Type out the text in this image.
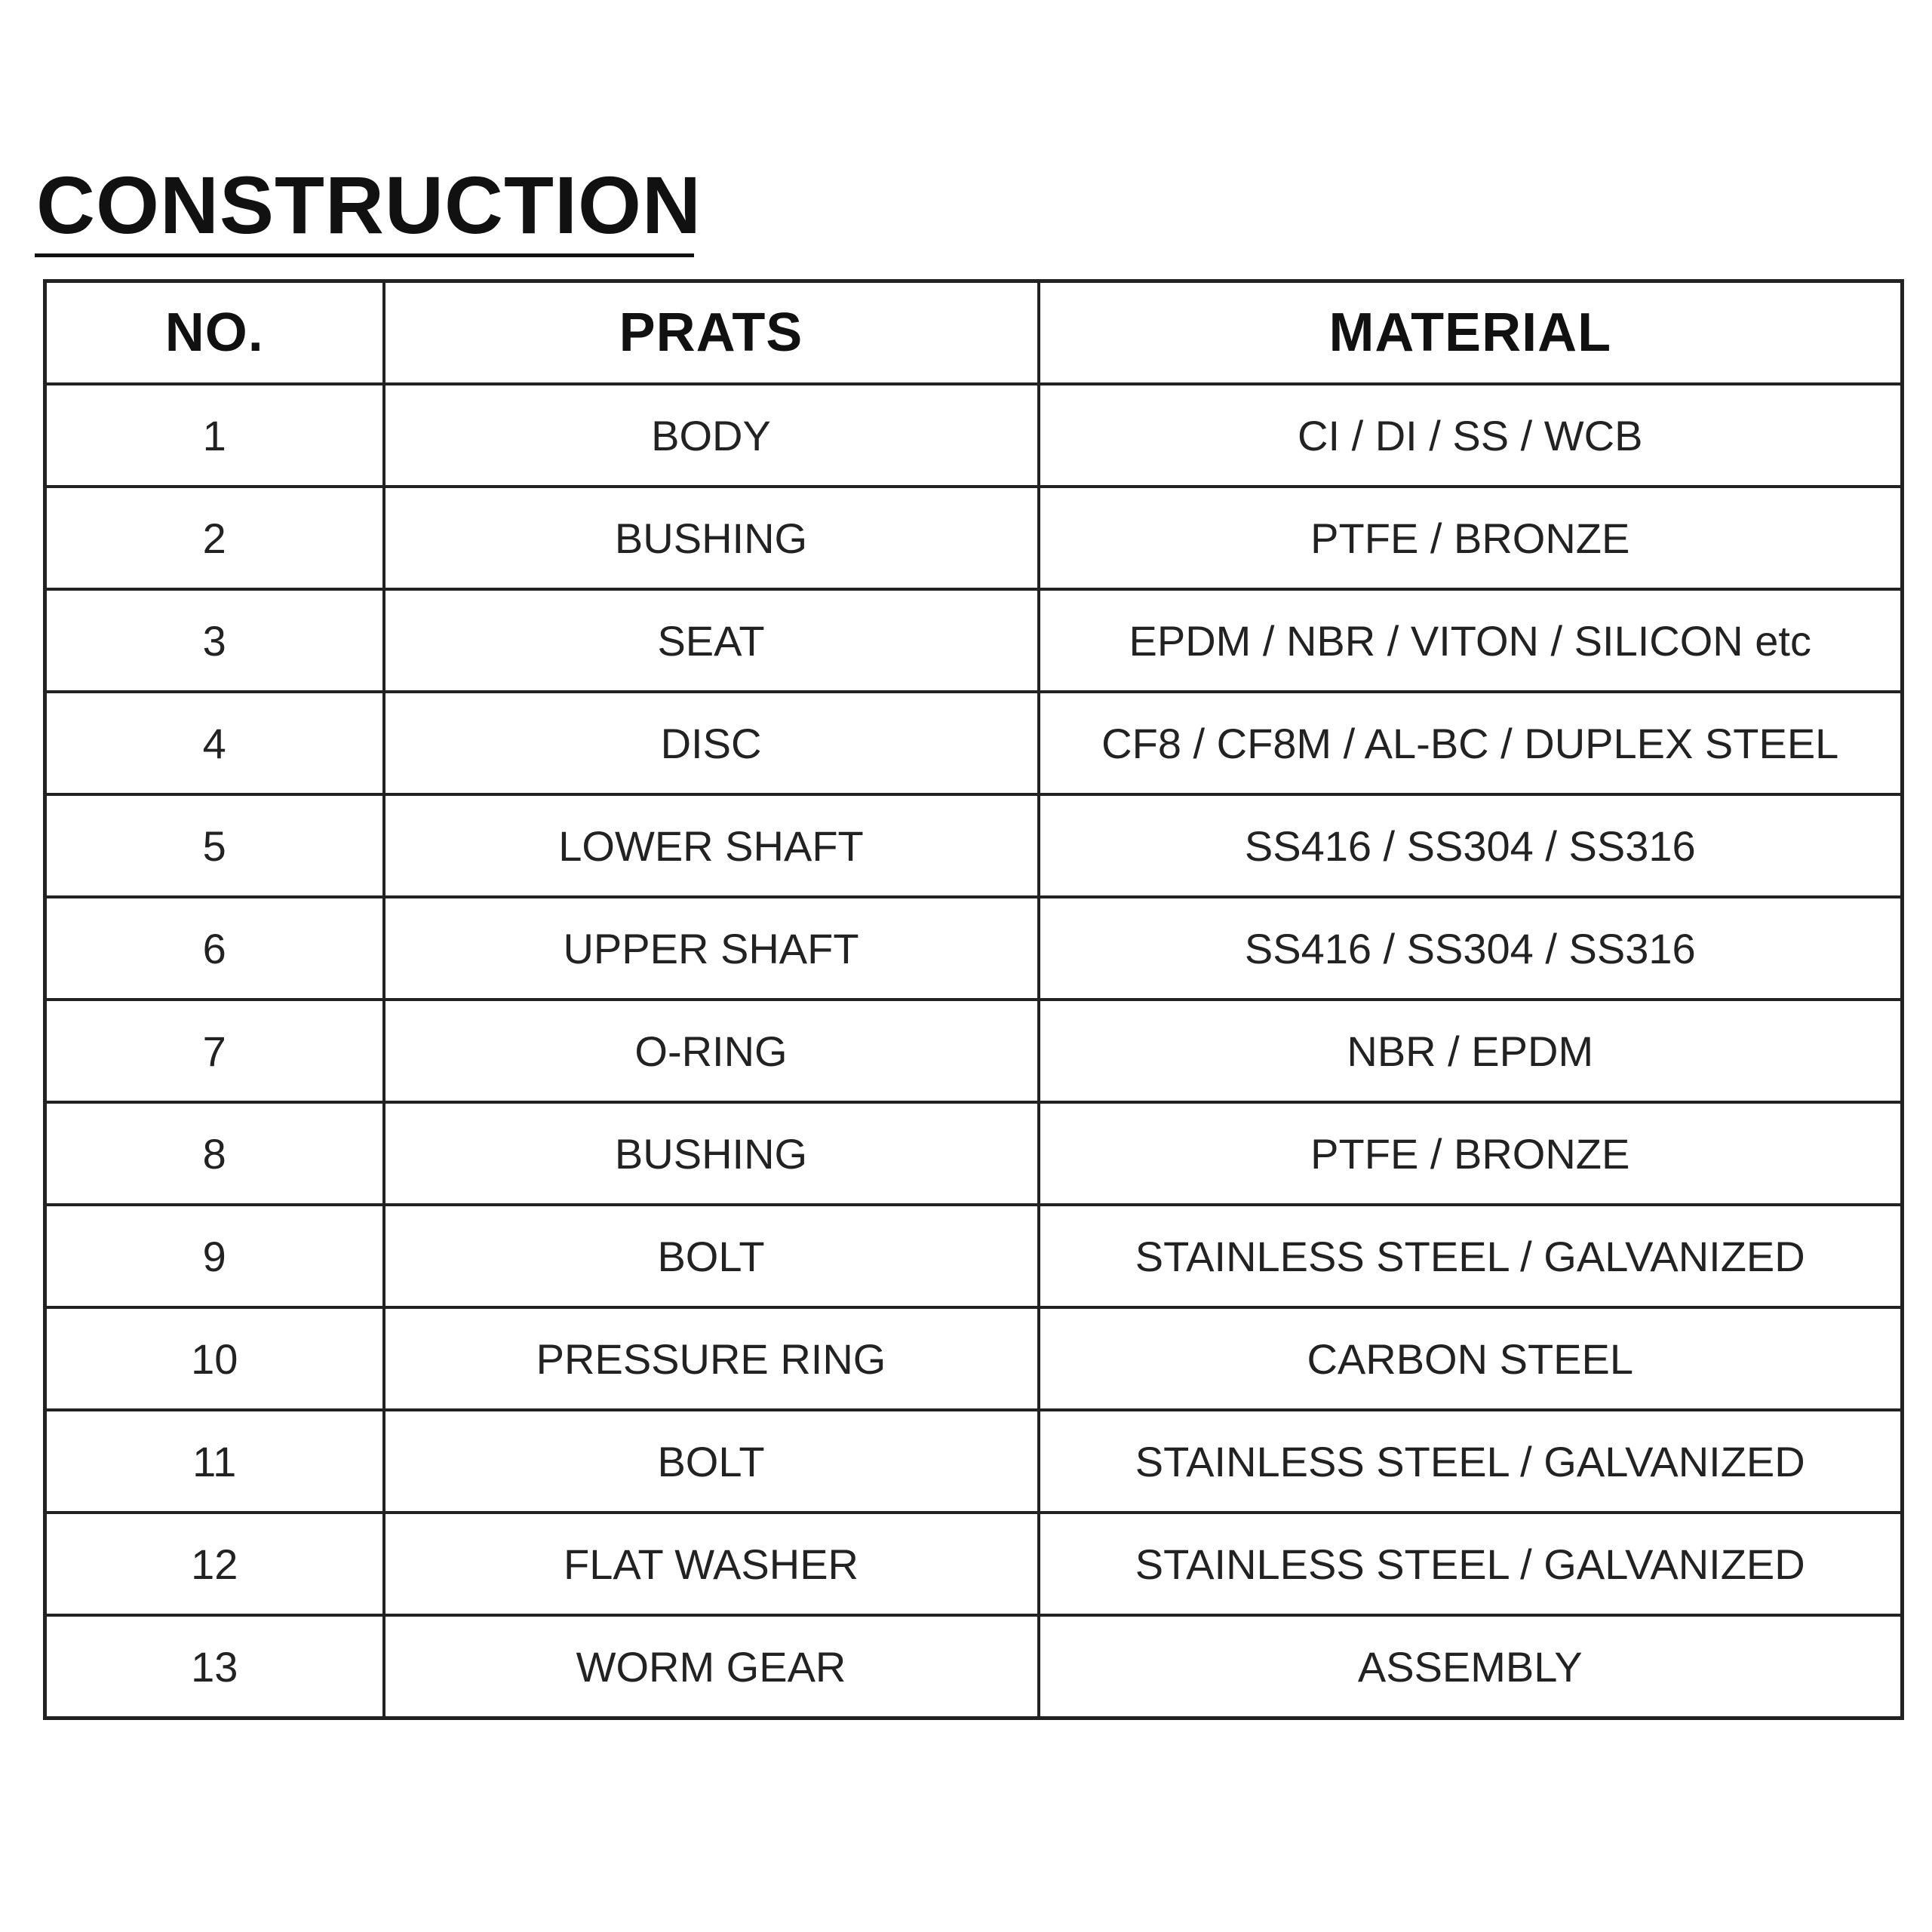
CONSTRUCTION
NO.	PRATS	MATERIAL
1	BODY	CI / DI / SS / WCB
2	BUSHING	PTFE / BRONZE
3	SEAT	EPDM / NBR / VITON / SILICON etc
4	DISC	CF8 / CF8M / AL-BC / DUPLEX STEEL
5	LOWER SHAFT	SS416 / SS304 / SS316
6	UPPER SHAFT	SS416 / SS304 / SS316
7	O-RING	NBR / EPDM
8	BUSHING	PTFE / BRONZE
9	BOLT	STAINLESS STEEL / GALVANIZED
10	PRESSURE RING	CARBON STEEL
11	BOLT	STAINLESS STEEL / GALVANIZED
12	FLAT WASHER	STAINLESS STEEL / GALVANIZED
13	WORM GEAR	ASSEMBLY
